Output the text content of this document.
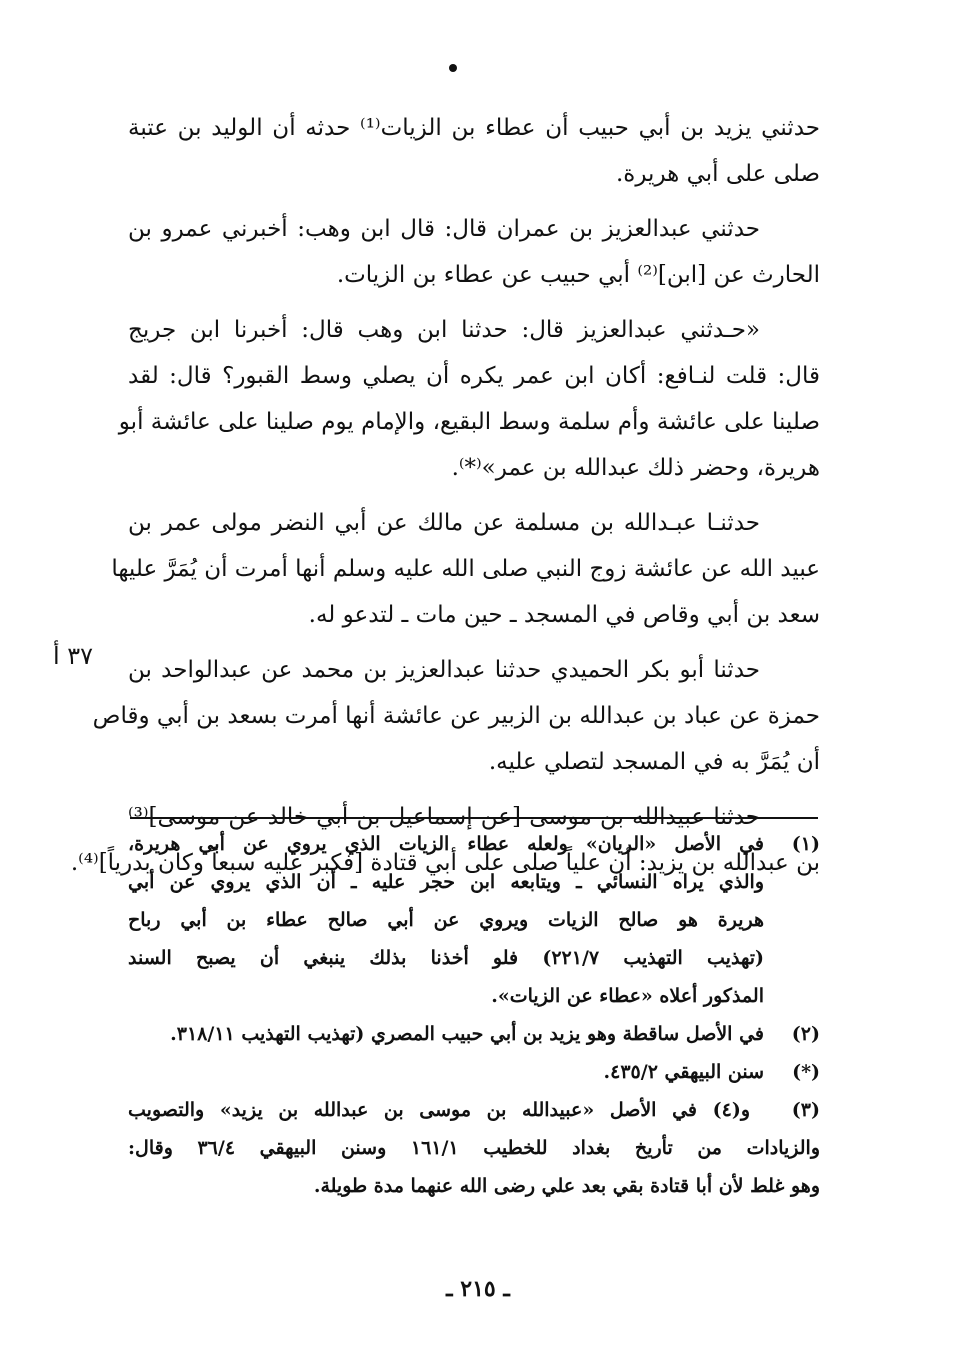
٣٧ أ
حدثني يزيد بن أبي حبيب أن عطاء بن الزيات⁽¹⁾ حدثه أن الوليد بن عتبة
صلى على أبي هريرة.
حدثني عبدالعزيز بن عمران قال: قال ابن وهب: أخبرني عمرو بن
الحارث عن [ابن]⁽²⁾ أبي حبيب عن عطاء بن الزيات.
«حـدثني عبدالعزيز قال: حدثنا ابن وهب قال: أخبرنا ابن جريج
قال: قلت لنـافع: أكان ابن عمر يكره أن يصلي وسط القبور؟ قال: لقد
صلينا على عائشة وأم سلمة وسط البقيع، والإمام يوم صلينا على عائشة أبو
هريرة، وحضر ذلك عبدالله بن عمر»⁽*⁾.
حدثنـا عبـدالله بن مسلمة عن مالك عن أبي النضر مولى عمر بن
عبيد الله عن عائشة زوج النبي صلى الله عليه وسلم أنها أمرت أن يُمَرَّ عليها
سعد بن أبي وقاص في المسجد ـ حين مات ـ لتدعو له.
حدثنا أبو بكر الحميدي حدثنا عبدالعزيز بن محمد عن عبدالواحد بن
حمزة عن عباد بن عبدالله بن الزبير عن عائشة أنها أمرت بسعد بن أبي وقاص
أن يُمَرَّ به في المسجد لتصلي عليه.
حدثنا عبيدالله بن موسى [عن إسماعيل بن أبي خالد عن موسى]⁽³⁾
بن عبدالله بن يزيد: أن علياً صلى على أبي قتادة [فكبر عليه سبعاً وكان بدرياً]⁽⁴⁾.
(١)
في الأصل «الريان» ولعله عطاء الزيات الذي يروي عن أبي هريرة،
والذي يراه النسائي ـ ويتابعه ابن حجر عليه ـ أن الذي يروي عن أبي
هريرة هو صالح الزيات ويروي عن أبي صالح عطاء بن أبي رباح
(تهذيب التهذيب ٢٢١/٧) فلو أخذنا بذلك ينبغي أن يصبح السند
المذكور أعلاه «عطاء عن الزيات».
(٢)
في الأصل ساقطة وهو يزيد بن أبي حبيب المصري (تهذيب التهذيب ٣١٨/١١.
(*)
سنن البيهقي ٤٣٥/٢.
(٣)
و(٤) في الأصل «عبيدالله بن موسى بن عبدالله بن يزيد» والتصويب
والزيادات من تأريخ بغداد للخطيب ١٦١/١ وسنن البيهقي ٣٦/٤ وقال:
وهو غلط لأن أبا قتادة بقي بعد علي رضى الله عنهما مدة طويلة.
ـ ٢١٥ ـ
